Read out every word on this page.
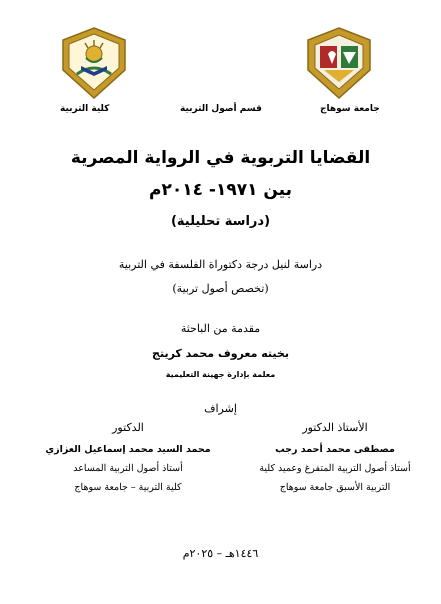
كلية التربية	قسم أصول التربية	جامعة سوهاج
القضايا التربوية في الرواية المصرية
بين ١٩٧١- ٢٠١٤م
(دراسة تحليلية)
دراسة لنيل درجة دكتوراة الفلسفة في التربية
(تخصص أصول تربية)
مقدمة من الباحثة
بخيته معروف محمد كريتج
معلمة بإدارة جهينة التعليمية
إشراف
الأستاذ الدكتور
مصطفى محمد أحمد رجب
أستاذ أصول التربية المتفرغ وعميد كلية
التربية الأسبق جامعة سوهاج
الدكتور
محمد السيد محمد إسماعيل العزازي
أستاذ أصول التربية المساعد
كلية التربية – جامعة سوهاج
١٤٤٦هـ – ٢٠٢٥م
